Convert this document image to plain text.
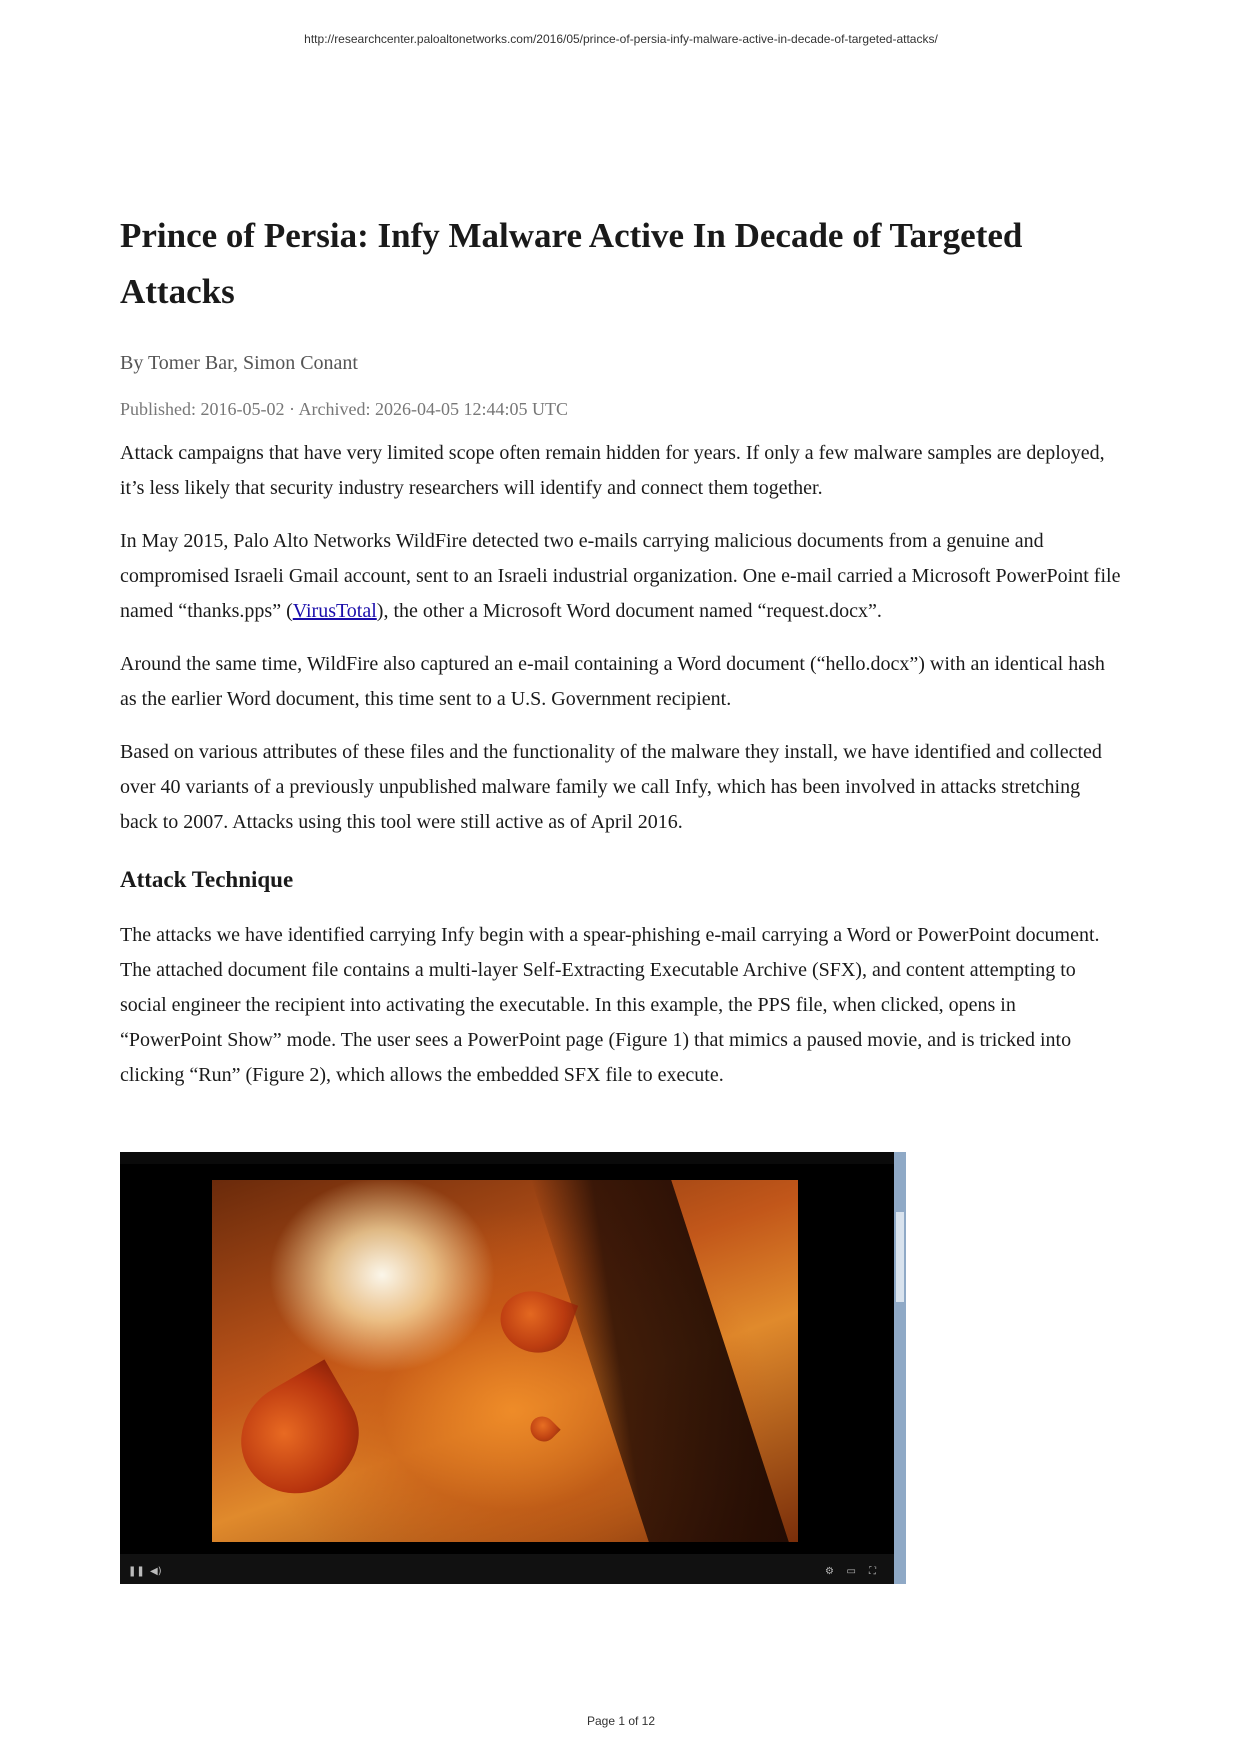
http://researchcenter.paloaltonetworks.com/2016/05/prince-of-persia-infy-malware-active-in-decade-of-targeted-attacks/
Prince of Persia: Infy Malware Active In Decade of Targeted Attacks
By Tomer Bar, Simon Conant
Published: 2016-05-02 · Archived: 2026-04-05 12:44:05 UTC

Attack campaigns that have very limited scope often remain hidden for years. If only a few malware samples are deployed, it’s less likely that security industry researchers will identify and connect them together.

In May 2015, Palo Alto Networks WildFire detected two e-mails carrying malicious documents from a genuine and compromised Israeli Gmail account, sent to an Israeli industrial organization. One e-mail carried a Microsoft PowerPoint file named “thanks.pps” (VirusTotal), the other a Microsoft Word document named “request.docx”.

Around the same time, WildFire also captured an e-mail containing a Word document (“hello.docx”) with an identical hash as the earlier Word document, this time sent to a U.S. Government recipient.

Based on various attributes of these files and the functionality of the malware they install, we have identified and collected over 40 variants of a previously unpublished malware family we call Infy, which has been involved in attacks stretching back to 2007. Attacks using this tool were still active as of April 2016.

Attack Technique

The attacks we have identified carrying Infy begin with a spear-phishing e-mail carrying a Word or PowerPoint document. The attached document file contains a multi-layer Self-Extracting Executable Archive (SFX), and content attempting to social engineer the recipient into activating the executable. In this example, the PPS file, when clicked, opens in “PowerPoint Show” mode. The user sees a PowerPoint page (Figure 1) that mimics a paused movie, and is tricked into clicking “Run” (Figure 2), which allows the embedded SFX file to execute.

❚❚ ◀)	⚙ ▭ ⛶
Page 1 of 12
